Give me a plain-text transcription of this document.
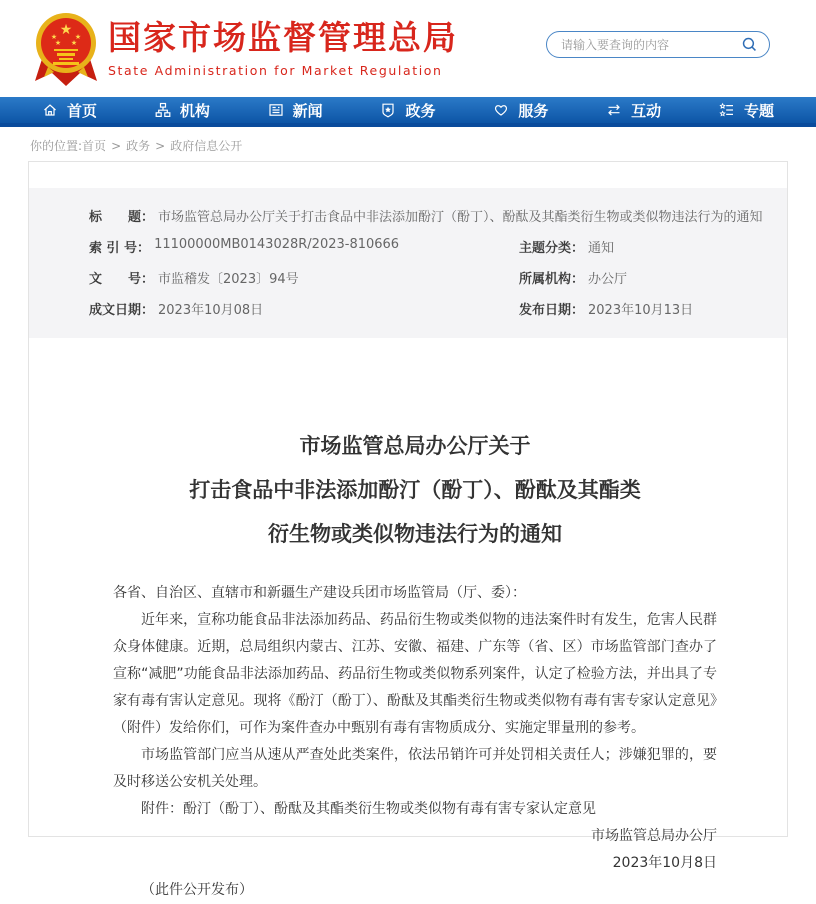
★
★	★
★ ★ 国家市场监督管理总局
State Administration for Market Regulation
请输入要查询的内容
首页	机构	新闻	政务	服务	互动	专题
你的位置:首页 > 政务 > 政府信息公开
标　　题： 市场监管总局办公厅关于打击食品中非法添加酚汀（酚丁）、酚酞及其酯类衍生物或类似物违法行为的通知
索 引 号： 11100000MB0143028R/2023-810666	主题分类： 通知
文　　号： 市监稽发〔2023〕94号	所属机构： 办公厅
成文日期： 2023年10月08日	发布日期： 2023年10月13日
市场监管总局办公厅关于
打击食品中非法添加酚汀（酚丁）、酚酞及其酯类
衍生物或类似物违法行为的通知

各省、自治区、直辖市和新疆生产建设兵团市场监管局（厅、委）：

近年来，宣称功能食品非法添加药品、药品衍生物或类似物的违法案件时有发生，危害人民群众身体健康。近期，总局组织内蒙古、江苏、安徽、福建、广东等（省、区）市场监管部门查办了宣称“减肥”功能食品非法添加药品、药品衍生物或类似物系列案件，认定了检验方法，并出具了专家有毒有害认定意见。现将《酚汀（酚丁）、酚酞及其酯类衍生物或类似物有毒有害专家认定意见》（附件）发给你们，可作为案件查办中甄别有毒有害物质成分、实施定罪量刑的参考。

市场监管部门应当从速从严查处此类案件，依法吊销许可并处罚相关责任人；涉嫌犯罪的，要及时移送公安机关处理。

附件：酚汀（酚丁）、酚酞及其酯类衍生物或类似物有毒有害专家认定意见

市场监管总局办公厅

2023年10月8日

（此件公开发布）
